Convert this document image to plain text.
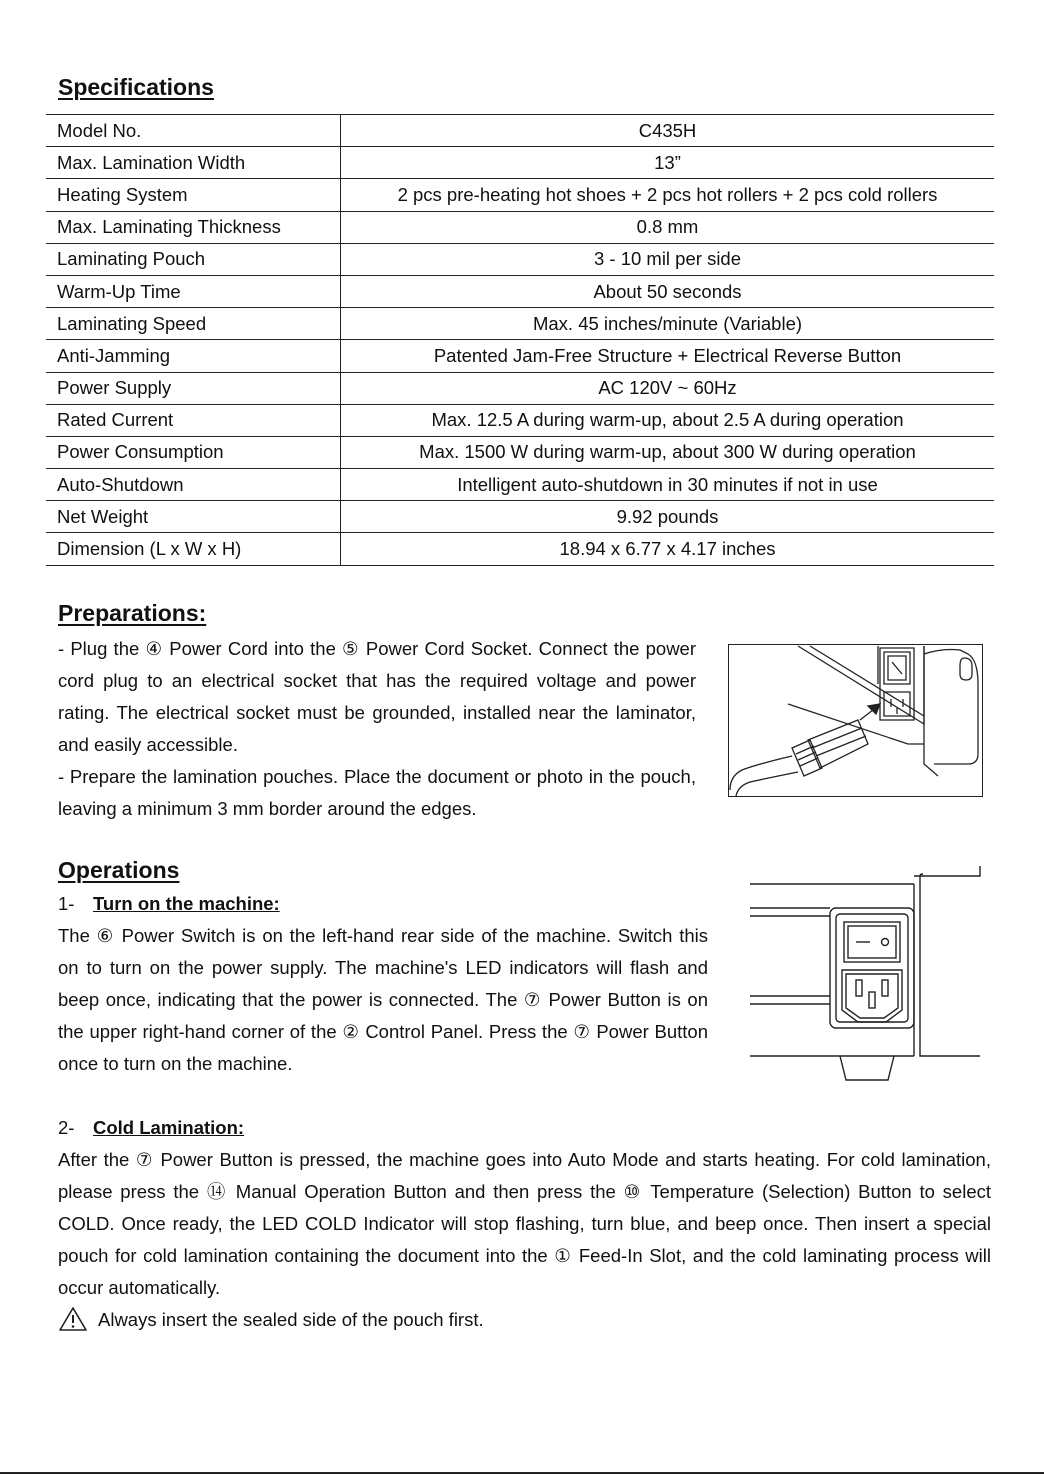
Specifications
Model No.	C435H
Max. Lamination Width	13”
Heating System	2 pcs pre-heating hot shoes + 2 pcs hot rollers + 2 pcs cold rollers
Max. Laminating Thickness	0.8 mm
Laminating Pouch	3 - 10 mil per side
Warm-Up Time	About 50 seconds
Laminating Speed	Max. 45 inches/minute (Variable)
Anti-Jamming	Patented Jam-Free Structure + Electrical Reverse Button
Power Supply	AC 120V ~ 60Hz
Rated Current	Max. 12.5 A during warm-up, about 2.5 A during operation
Power Consumption	Max. 1500 W during warm-up, about 300 W during operation
Auto-Shutdown	Intelligent auto-shutdown in 30 minutes if not in use
Net Weight	9.92 pounds
Dimension (L x W x H)	18.94 x 6.77 x 4.17 inches
Preparations:

- Plug the ④ Power Cord into the ⑤ Power Cord Socket. Connect the power cord plug to an electrical socket that has the required voltage and power rating. The electrical socket must be grounded, installed near the laminator, and easily accessible.

- Prepare the lamination pouches. Place the document or photo in the pouch, leaving a minimum 3 mm border around the edges.

Operations
1- Turn on the machine:

The ⑥ Power Switch is on the left-hand rear side of the machine. Switch this on to turn on the power supply. The machine's LED indicators will flash and beep once, indicating that the power is connected. The ⑦ Power Button is on the upper right-hand corner of the ② Control Panel. Press the ⑦ Power Button once to turn on the machine.

2- Cold Lamination:

After the ⑦ Power Button is pressed, the machine goes into Auto Mode and starts heating. For cold lamination, please press the ⑭ Manual Operation Button and then press the ⑩ Temperature (Selection) Button to select COLD. Once ready, the LED COLD Indicator will stop flashing, turn blue, and beep once. Then insert a special pouch for cold lamination containing the document into the ① Feed-In Slot, and the cold laminating process will occur automatically.

Always insert the sealed side of the pouch first.
